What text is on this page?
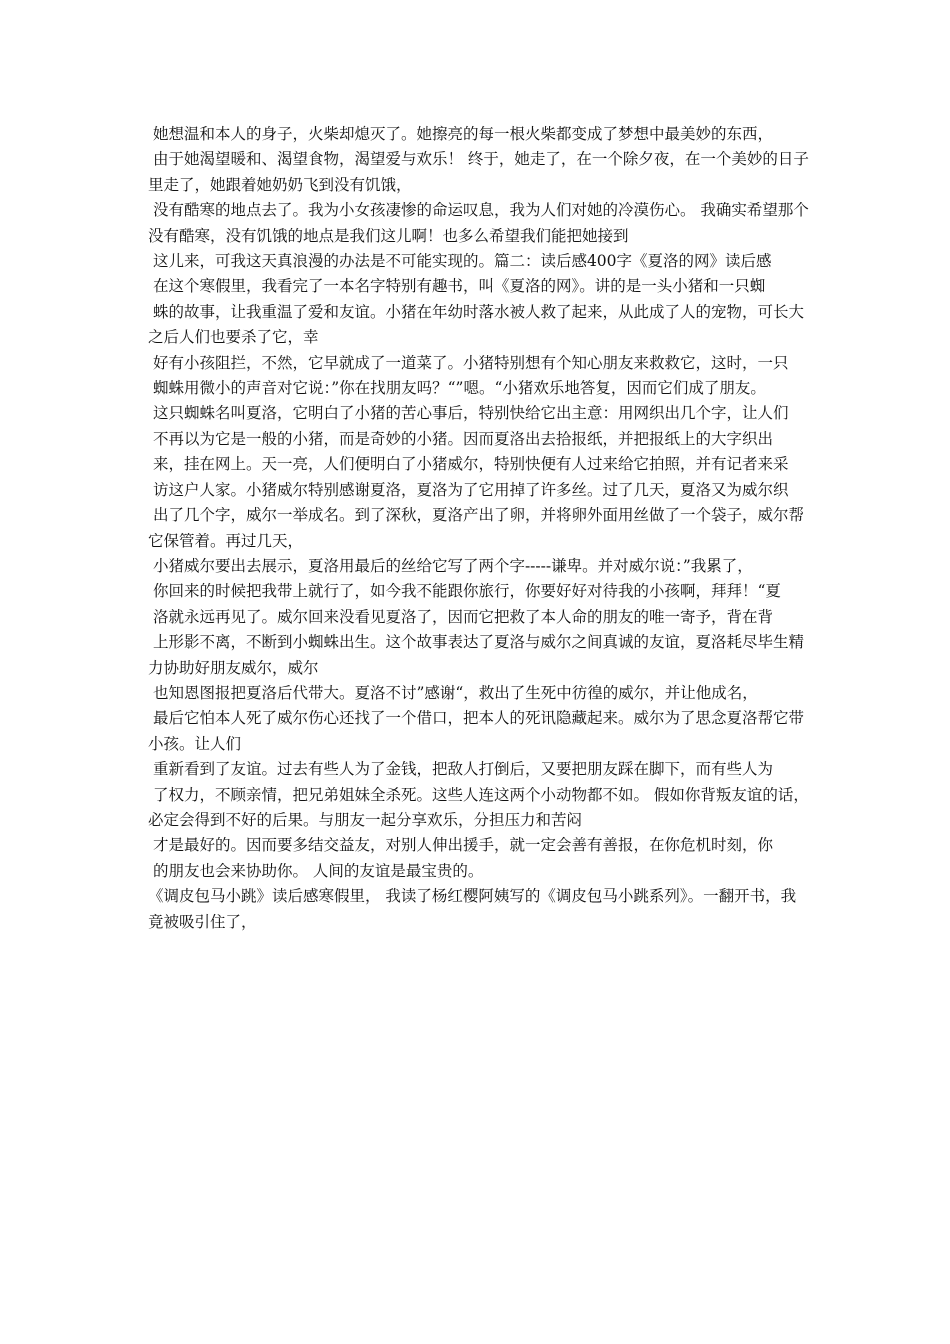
她想温和本人的身子，火柴却熄灭了。她擦亮的每一根火柴都变成了梦想中最美妙的东西，

由于她渴望暖和、渴望食物，渴望爱与欢乐！ 终于，她走了，在一个除夕夜，在一个美妙的日子里走了，她跟着她奶奶飞到没有饥饿，

没有酷寒的地点去了。我为小女孩凄惨的命运叹息，我为人们对她的冷漠伤心。 我确实希望那个没有酷寒，没有饥饿的地点是我们这儿啊！也多么希望我们能把她接到

这儿来，可我这天真浪漫的办法是不可能实现的。篇二：读后感400字《夏洛的网》读后感

在这个寒假里，我看完了一本名字特别有趣书，叫《夏洛的网》。讲的是一头小猪和一只蜘

蛛的故事，让我重温了爱和友谊。小猪在年幼时落水被人救了起来，从此成了人的宠物，可长大之后人们也要杀了它，幸

好有小孩阻拦，不然，它早就成了一道菜了。小猪特别想有个知心朋友来救救它，这时，一只

蜘蛛用微小的声音对它说：”你在找朋友吗？“”嗯。“小猪欢乐地答复，因而它们成了朋友。

这只蜘蛛名叫夏洛，它明白了小猪的苦心事后，特别快给它出主意：用网织出几个字，让人们

不再以为它是一般的小猪，而是奇妙的小猪。因而夏洛出去拾报纸，并把报纸上的大字织出

来，挂在网上。天一亮，人们便明白了小猪威尔，特别快便有人过来给它拍照，并有记者来采

访这户人家。小猪威尔特别感谢夏洛，夏洛为了它用掉了许多丝。过了几天，夏洛又为威尔织

出了几个字，威尔一举成名。到了深秋，夏洛产出了卵，并将卵外面用丝做了一个袋子，威尔帮它保管着。再过几天，

小猪威尔要出去展示，夏洛用最后的丝给它写了两个字-----谦卑。并对威尔说：”我累了，

你回来的时候把我带上就行了，如今我不能跟你旅行，你要好好对待我的小孩啊，拜拜！“夏

洛就永远再见了。威尔回来没看见夏洛了，因而它把救了本人命的朋友的唯一寄予，背在背

上形影不离，不断到小蜘蛛出生。这个故事表达了夏洛与威尔之间真诚的友谊，夏洛耗尽毕生精力协助好朋友威尔，威尔

也知恩图报把夏洛后代带大。夏洛不讨”感谢“，救出了生死中彷徨的威尔，并让他成名，

最后它怕本人死了威尔伤心还找了一个借口，把本人的死讯隐藏起来。威尔为了思念夏洛帮它带小孩。让人们

重新看到了友谊。过去有些人为了金钱，把敌人打倒后，又要把朋友踩在脚下，而有些人为

了权力，不顾亲情，把兄弟姐妹全杀死。这些人连这两个小动物都不如。 假如你背叛友谊的话，必定会得到不好的后果。与朋友一起分享欢乐，分担压力和苦闷

才是最好的。因而要多结交益友，对别人伸出援手，就一定会善有善报，在你危机时刻，你

的朋友也会来协助你。 人间的友谊是最宝贵的。

《调皮包马小跳》读后感寒假里， 我读了杨红樱阿姨写的《调皮包马小跳系列》。一翻开书，我竟被吸引住了，
